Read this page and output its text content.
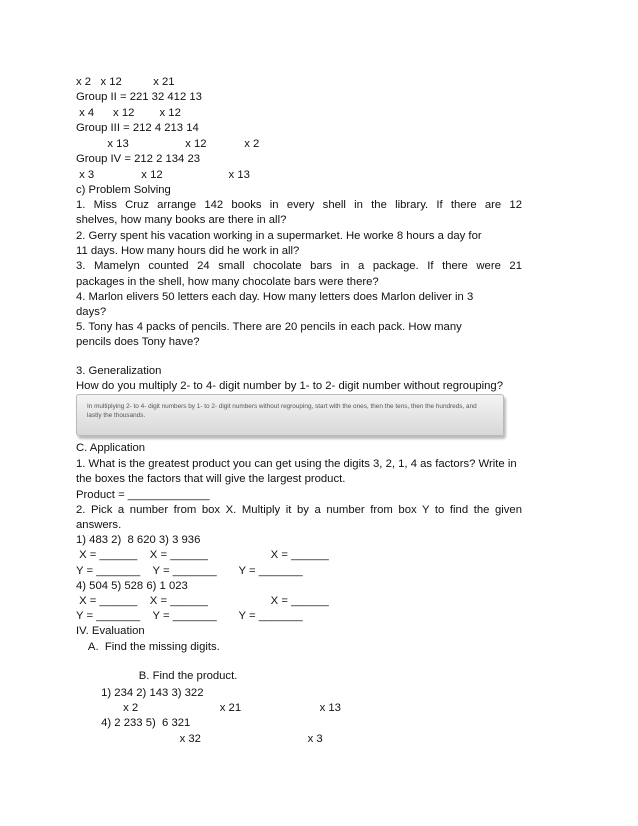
x 2   x 12          x 21
Group II = 221 32 412 13
x 4      x 12        x 12
Group III = 212 4 213 14
x 13                  x 12            x 2
Group IV = 212 2 134 23
x 3               x 12                     x 13
c) Problem Solving
1. Miss Cruz arrange 142 books in every shell in the library. If there are 12
shelves, how many books are there in all?
2. Gerry spent his vacation working in a supermarket. He worke 8 hours a day for
11 days. How many hours did he work in all?
3. Mamelyn counted 24 small chocolate bars in a package. If there were 21
packages in the shell, how many chocolate bars were there?
4. Marlon elivers 50 letters each day. How many letters does Marlon deliver in 3
days?
5. Tony has 4 packs of pencils. There are 20 pencils in each pack. How many
pencils does Tony have?
3. Generalization
How do you multiply 2- to 4- digit number by 1- to 2- digit number without regrouping?
In multiplying 2- to 4- digit numbers by 1- to 2- digit numbers without regrouping, start with the ones, then the tens, then the hundreds, and lastly the thousands.
C. Application
1. What is the greatest product you can get using the digits 3, 2, 1, 4 as factors? Write in
the boxes the factors that will give the largest product.
Product = _____________
2. Pick a number from box X. Multiply it by a number from box Y to find the given
answers.
1) 483 2)  8 620 3) 3 936
X = ______    X = ______                    X = ______
Y = _______    Y = _______       Y = _______
4) 504 5) 528 6) 1 023
X = ______    X = ______                    X = ______
Y = _______    Y = _______       Y = _______
IV. Evaluation
A.  Find the missing digits.
B. Find the product.
1) 234 2) 143 3) 322
x 2                          x 21                         x 13
4) 2 233 5)  6 321
x 32                                  x 3
